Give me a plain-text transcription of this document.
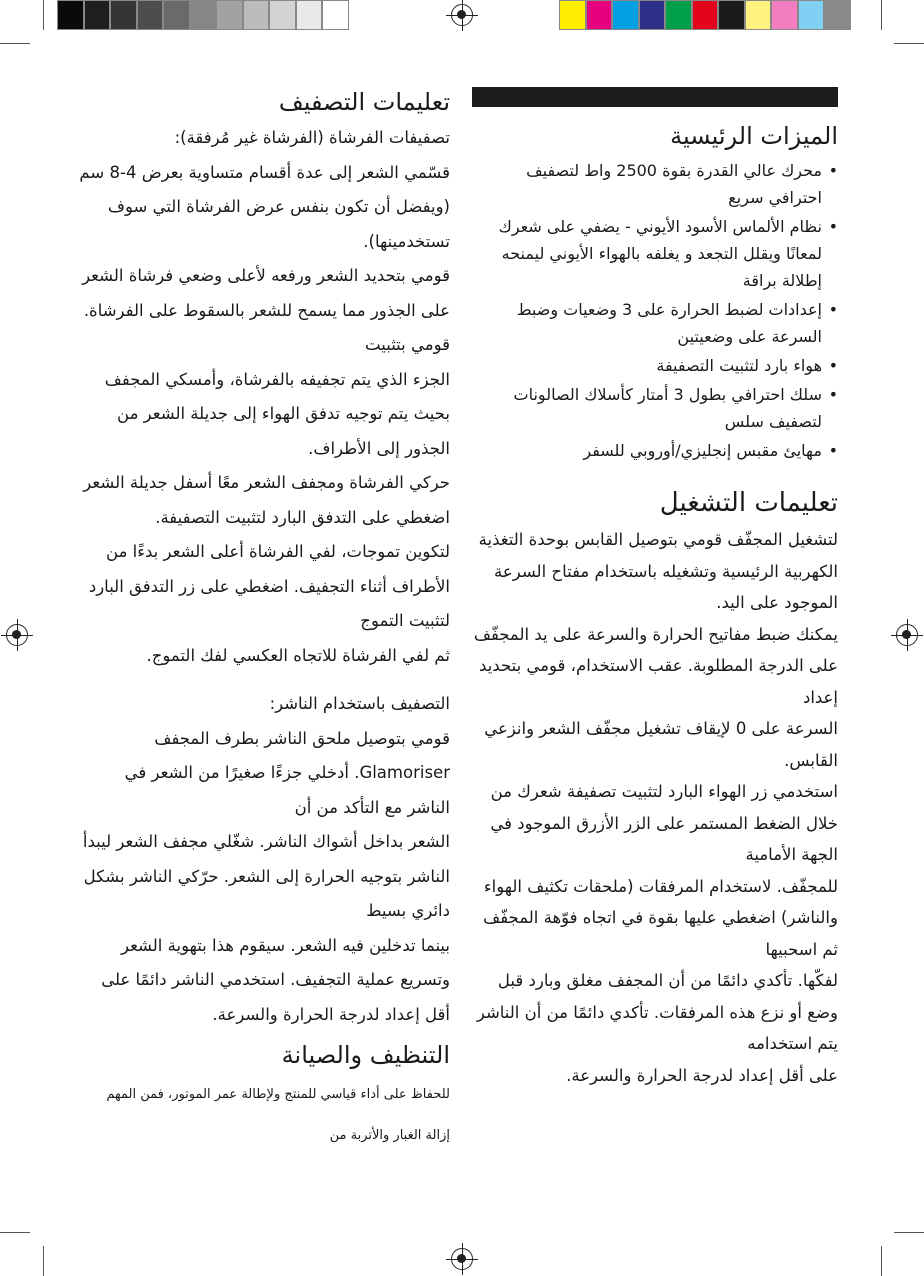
الميزات الرئيسية
• محرك عالي القدرة بقوة 2500 واط لتصفيف احترافي سريع
• نظام الألماس الأسود الأيوني - يضفي على شعرك لمعانًا ويقلل التجعد و يغلفه بالهواء الأيوني ليمنحه إطلالة براقة
• إعدادات لضبط الحرارة على 3 وضعيات وضبط السرعة على وضعيتين
• هواء بارد لتثبيت التصفيفة
• سلك احترافي بطول 3 أمتار كأسلاك الصالونات لتصفيف سلس
• مهايئ مقبس إنجليزي/أوروبي للسفر
تعليمات التشغيل

لتشغيل المجفّف قومي بتوصيل القابس بوحدة التغذية الكهربية الرئيسية وتشغيله باستخدام مفتاح السرعة الموجود على اليد.

يمكنك ضبط مفاتيح الحرارة والسرعة على يد المجفّف على الدرجة المطلوبة. عقب الاستخدام، قومي بتحديد إعداد

السرعة على 0 لإيقاف تشغيل مجفّف الشعر وانزعي القابس.

استخدمي زر الهواء البارد لتثبيت تصفيفة شعرك من خلال الضغط المستمر على الزر الأزرق الموجود في الجهة الأمامية

للمجفّف. لاستخدام المرفقات (ملحقات تكثيف الهواء والناشر) اضغطي عليها بقوة في اتجاه فوّهة المجفّف ثم اسحبيها

لفكّها. تأكدي دائمًا من أن المجفف مغلق وبارد قبل وضع أو نزع هذه المرفقات. تأكدي دائمًا من أن الناشر يتم استخدامه

على أقل إعداد لدرجة الحرارة والسرعة.

تعليمات التصفيف

تصفيفات الفرشاة (الفرشاة غير مُرفقة):

قسّمي الشعر إلى عدة أقسام متساوية بعرض 4-8 سم (ويفضل أن تكون بنفس عرض الفرشاة التي سوف تستخدمينها).

قومي بتحديد الشعر ورفعه لأعلى وضعي فرشاة الشعر على الجذور مما يسمح للشعر بالسقوط على الفرشاة. قومي بتثبيت

الجزء الذي يتم تجفيفه بالفرشاة، وأمسكي المجفف بحيث يتم توجيه تدفق الهواء إلى جديلة الشعر من الجذور إلى الأطراف.

حركي الفرشاة ومجفف الشعر معًا أسفل جديلة الشعر

اضغطي على التدفق البارد لتثبيت التصفيفة.

لتكوين تموجات، لفي الفرشاة أعلى الشعر بدءًا من الأطراف أثناء التجفيف. اضغطي على زر التدفق البارد لتثبيت التموج

ثم لفي الفرشاة للاتجاه العكسي لفك التموج.

التصفيف باستخدام الناشر:

قومي بتوصيل ملحق الناشر بطرف المجفف Glamoriser. أدخلي جزءًا صغيرًا من الشعر في الناشر مع التأكد من أن

الشعر بداخل أشواك الناشر. شغّلي مجفف الشعر ليبدأ الناشر بتوجيه الحرارة إلى الشعر. حرّكي الناشر بشكل دائري بسيط

بينما تدخلين فيه الشعر. سيقوم هذا بتهوية الشعر وتسريع عملية التجفيف. استخدمي الناشر دائمًا على أقل إعداد لدرجة الحرارة والسرعة.

التنظيف والصيانة

للحفاظ على أداء قياسي للمنتج ولإطالة عمر الموتور، فمن المهم إزالة الغبار والأتربة من
